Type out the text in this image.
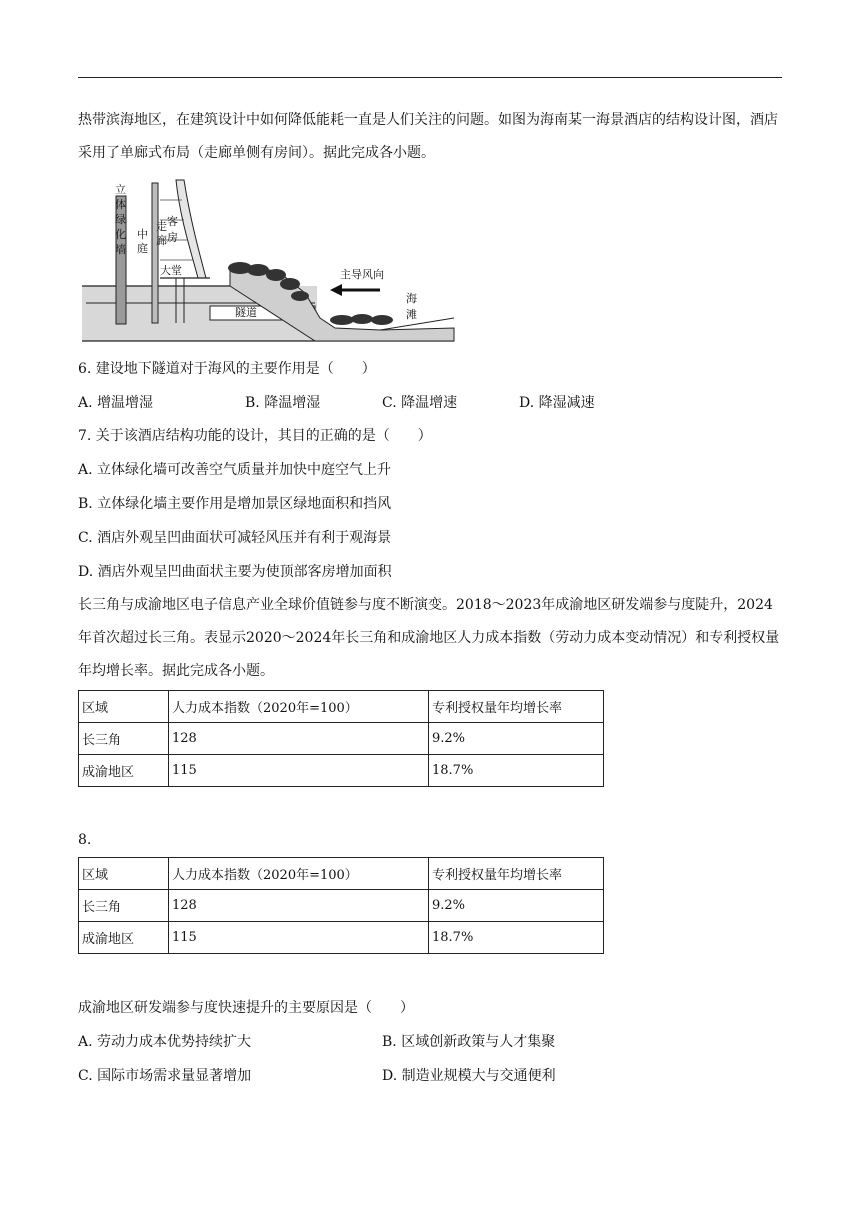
热带滨海地区，在建筑设计中如何降低能耗一直是人们关注的问题。如图为海南某一海景酒店的结构设计图，酒店采用了单廊式布局（走廊单侧有房间）。据此完成各小题。

立
体
绿
化
墙
中
庭
走
廊
客
房
大堂
隧道
主导风向
海
滩
6. 建设地下隧道对于海风的主要作用是（　　）
A. 增温增湿	B. 降温增湿	C. 降温增速	D. 降湿减速
7. 关于该酒店结构功能的设计，其目的正确的是（　　）
A. 立体绿化墙可改善空气质量并加快中庭空气上升
B. 立体绿化墙主要作用是增加景区绿地面积和挡风
C. 酒店外观呈凹曲面状可减轻风压并有利于观海景
D. 酒店外观呈凹曲面状主要为使顶部客房增加面积

长三角与成渝地区电子信息产业全球价值链参与度不断演变。2018～2023年成渝地区研发端参与度陡升，2024年首次超过长三角。表显示2020～2024年长三角和成渝地区人力成本指数（劳动力成本变动情况）和专利授权量年均增长率。据此完成各小题。

区域	人力成本指数（2020年=100）	专利授权量年均增长率
长三角	128	9.2%
成渝地区	115	18.7%
8.
区域	人力成本指数（2020年=100）	专利授权量年均增长率
长三角	128	9.2%
成渝地区	115	18.7%
成渝地区研发端参与度快速提升的主要原因是（　　）
A. 劳动力成本优势持续扩大	B. 区域创新政策与人才集聚
C. 国际市场需求量显著增加	D. 制造业规模大与交通便利
